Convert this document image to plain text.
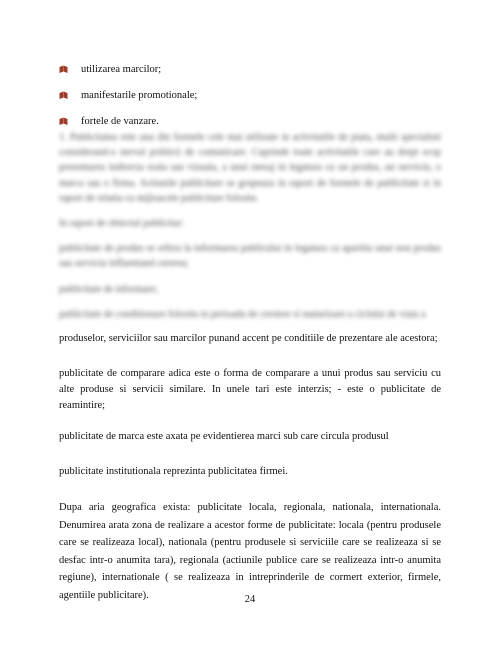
utilizarea marcilor;
manifestarile promotionale;
fortele de vanzare.

1. Publicitatea este una din formele cele mai utilizate in activitatile de piata, multi specialisti considerand-o nervul politicii de comunicare. Cuprinde toate activitatile care au drept scop prezentarea indirecta orala sau vizuala, a unui mesaj in legatura cu un produs, un serviciu, o marca sau o firma. Actiunile publicitare se grupeaza in raport de formele de publicitate si in raport de relatia cu mijloacele publicitare folosite.

In raport de obiectul publicitar:

publicitate de produs se refera la informarea publicului in legatura cu aparitia unui nou produs sau serviciu influentand cererea;

publicitate de informare;

publicitate de conditionare folosita in perioada de crestere si maturizare a ciclului de viata a

produselor, serviciilor sau marcilor punand accent pe conditiile de prezentare ale acestora;

publicitate de comparare adica este o forma de comparare a unui produs sau serviciu cu alte produse si servicii similare. In unele tari este interzis; - este o publicitate de reamintire;

publicitate de marca este axata pe evidentierea marci sub care circula produsul

publicitate institutionala reprezinta publicitatea firmei.

Dupa aria geografica exista: publicitate locala, regionala, nationala, internationala. Denumirea arata zona de realizare a acestor forme de publicitate: locala (pentru produsele care se realizeaza local), nationala (pentru produsele si serviciile care se realizeaza si se desfac intr-o anumita tara), regionala (actiunile publice care se realizeaza intr-o anumita regiune), internationale ( se realizeaza in intreprinderile de cormert exterior, firmele, agentiile publicitare).	24
